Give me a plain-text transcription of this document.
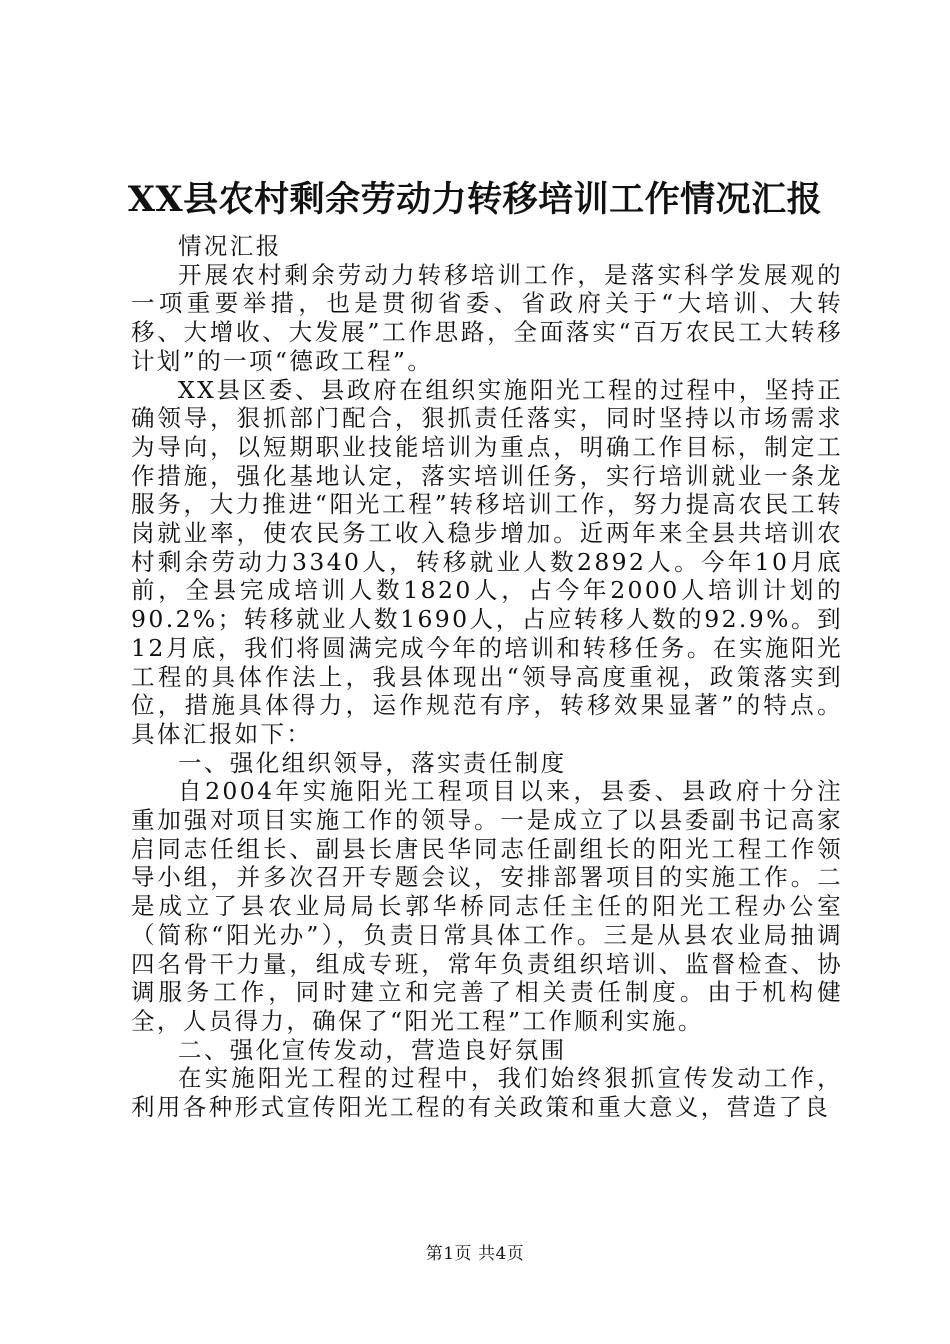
XX县农村剩余劳动力转移培训工作情况汇报

情况汇报

开展农村剩余劳动力转移培训工作，是落实科学发展观的一项重要举措，也是贯彻省委、省政府关于“大培训、大转移、大增收、大发展”工作思路，全面落实“百万农民工大转移计划”的一项“德政工程”。

XX县区委、县政府在组织实施阳光工程的过程中，坚持正确领导，狠抓部门配合，狠抓责任落实，同时坚持以市场需求为导向，以短期职业技能培训为重点，明确工作目标，制定工作措施，强化基地认定，落实培训任务，实行培训就业一条龙服务，大力推进“阳光工程”转移培训工作，努力提高农民工转岗就业率，使农民务工收入稳步增加。近两年来全县共培训农村剩余劳动力3340人，转移就业人数2892人。今年10月底前，全县完成培训人数1820人，占今年2000人培训计划的90.2%；转移就业人数1690人，占应转移人数的92.9%。到12月底，我们将圆满完成今年的培训和转移任务。在实施阳光工程的具体作法上，我县体现出“领导高度重视，政策落实到位，措施具体得力，运作规范有序，转移效果显著”的特点。具体汇报如下：

一、强化组织领导，落实责任制度

自2004年实施阳光工程项目以来，县委、县政府十分注重加强对项目实施工作的领导。一是成立了以县委副书记高家启同志任组长、副县长唐民华同志任副组长的阳光工程工作领导小组，并多次召开专题会议，安排部署项目的实施工作。二是成立了县农业局局长郭华桥同志任主任的阳光工程办公室（简称“阳光办”），负责日常具体工作。三是从县农业局抽调四名骨干力量，组成专班，常年负责组织培训、监督检查、协调服务工作，同时建立和完善了相关责任制度。由于机构健全，人员得力，确保了“阳光工程”工作顺利实施。

二、强化宣传发动，营造良好氛围

在实施阳光工程的过程中，我们始终狠抓宣传发动工作，利用各种形式宣传阳光工程的有关政策和重大意义，营造了良

第1页 共4页
